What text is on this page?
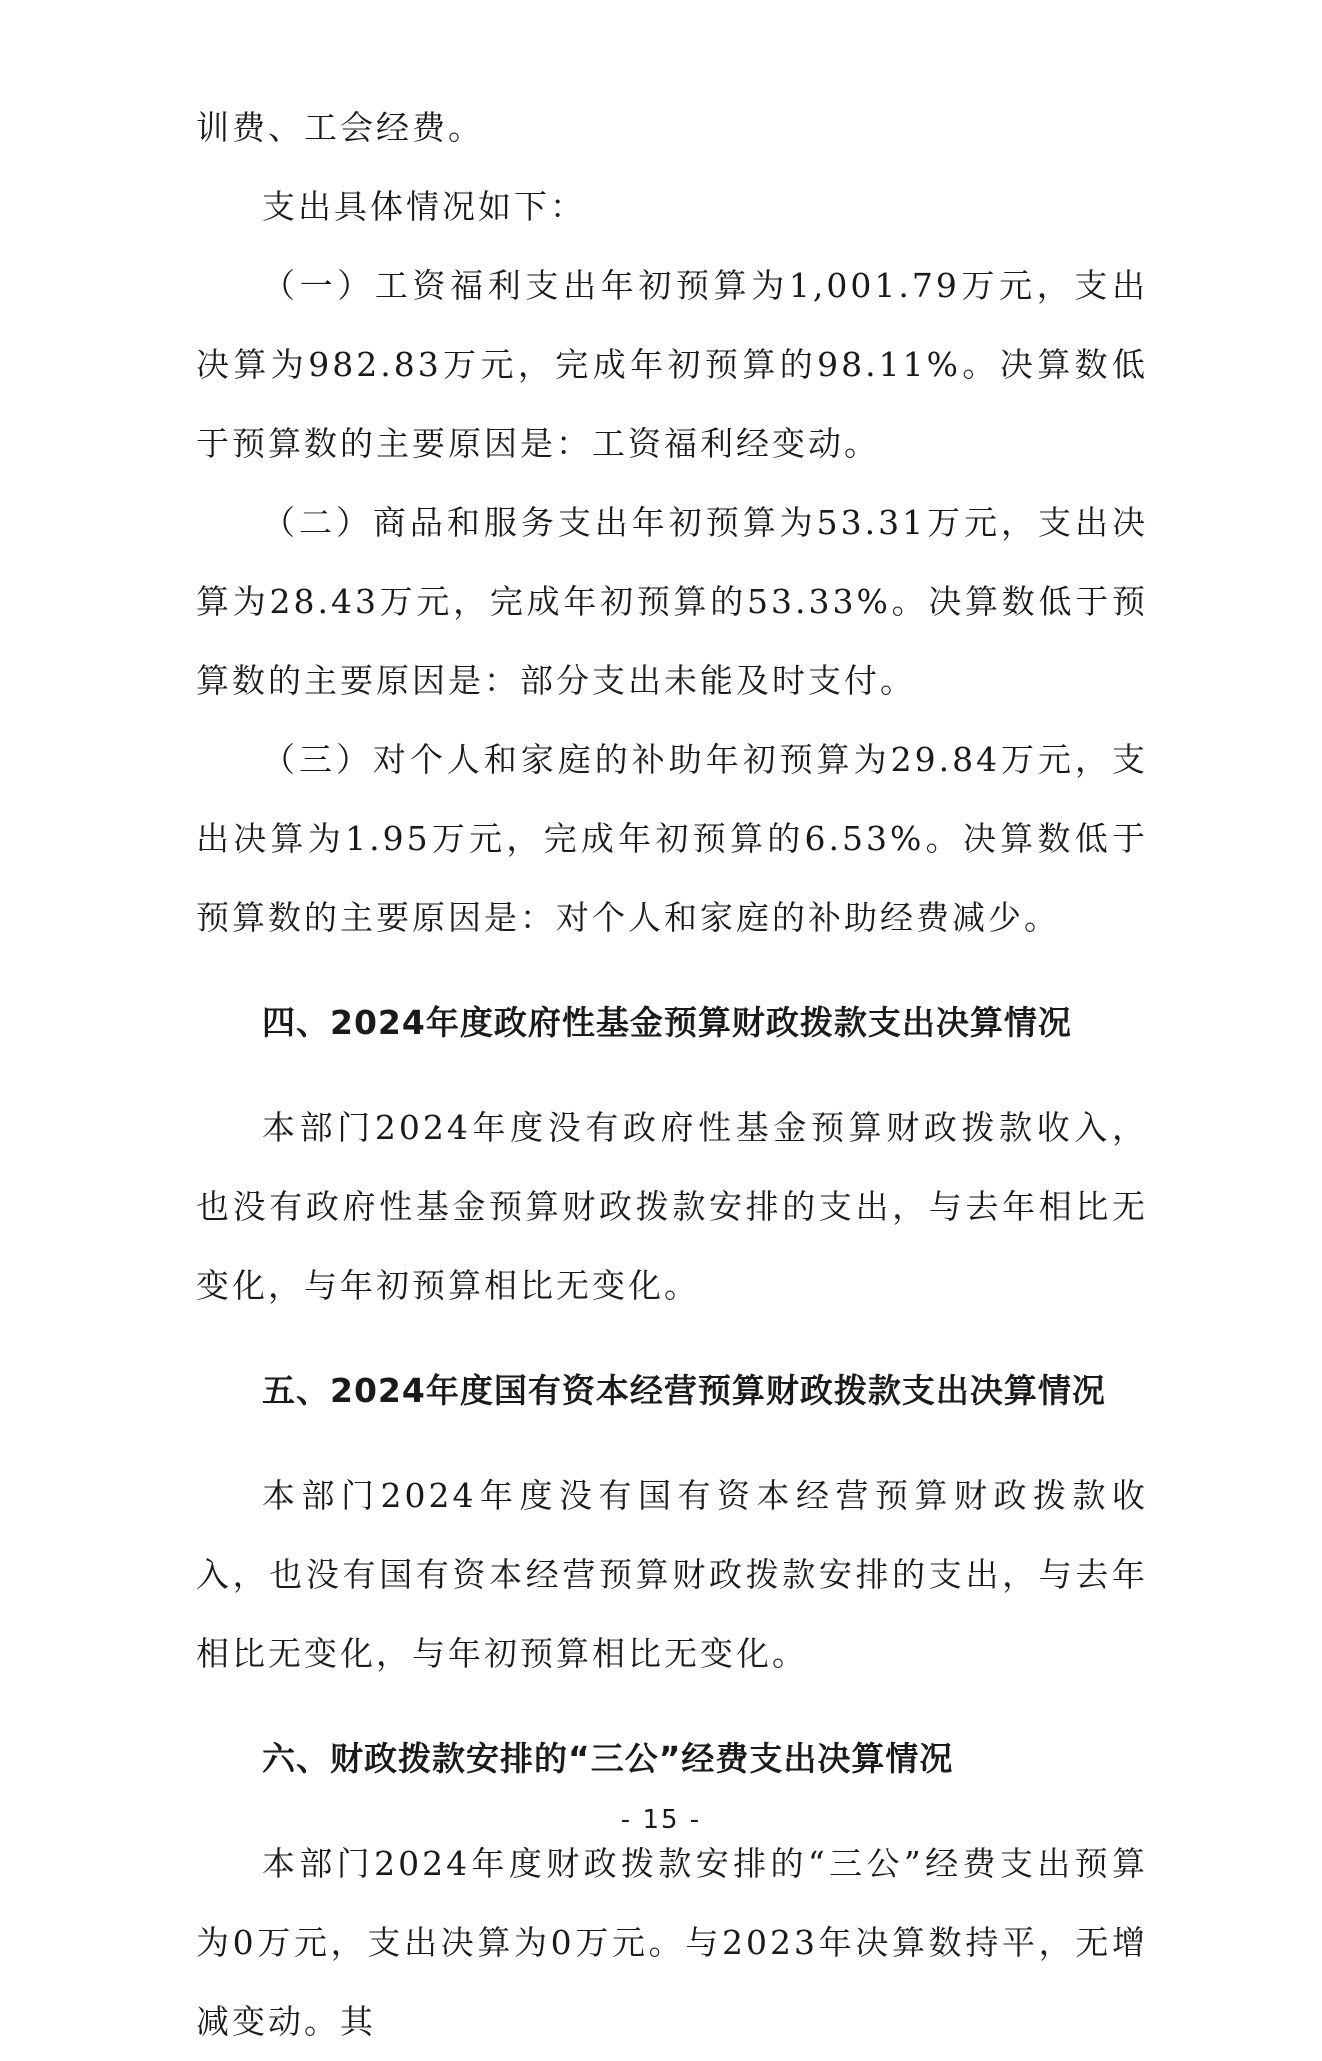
训费、工会经费。

支出具体情况如下：

（一）工资福利支出年初预算为1,001.79万元，支出决算为982.83万元，完成年初预算的98.11%。决算数低于预算数的主要原因是：工资福利经变动。

（二）商品和服务支出年初预算为53.31万元，支出决算为28.43万元，完成年初预算的53.33%。决算数低于预算数的主要原因是：部分支出未能及时支付。

（三）对个人和家庭的补助年初预算为29.84万元，支出决算为1.95万元，完成年初预算的6.53%。决算数低于预算数的主要原因是：对个人和家庭的补助经费减少。

四、2024年度政府性基金预算财政拨款支出决算情况

本部门2024年度没有政府性基金预算财政拨款收入，也没有政府性基金预算财政拨款安排的支出，与去年相比无变化，与年初预算相比无变化。

五、2024年度国有资本经营预算财政拨款支出决算情况

本部门2024年度没有国有资本经营预算财政拨款收入，也没有国有资本经营预算财政拨款安排的支出，与去年相比无变化，与年初预算相比无变化。

六、财政拨款安排的“三公”经费支出决算情况

本部门2024年度财政拨款安排的“三公”经费支出预算为0万元，支出决算为0万元。与2023年决算数持平，无增减变动。其

- 15 -
